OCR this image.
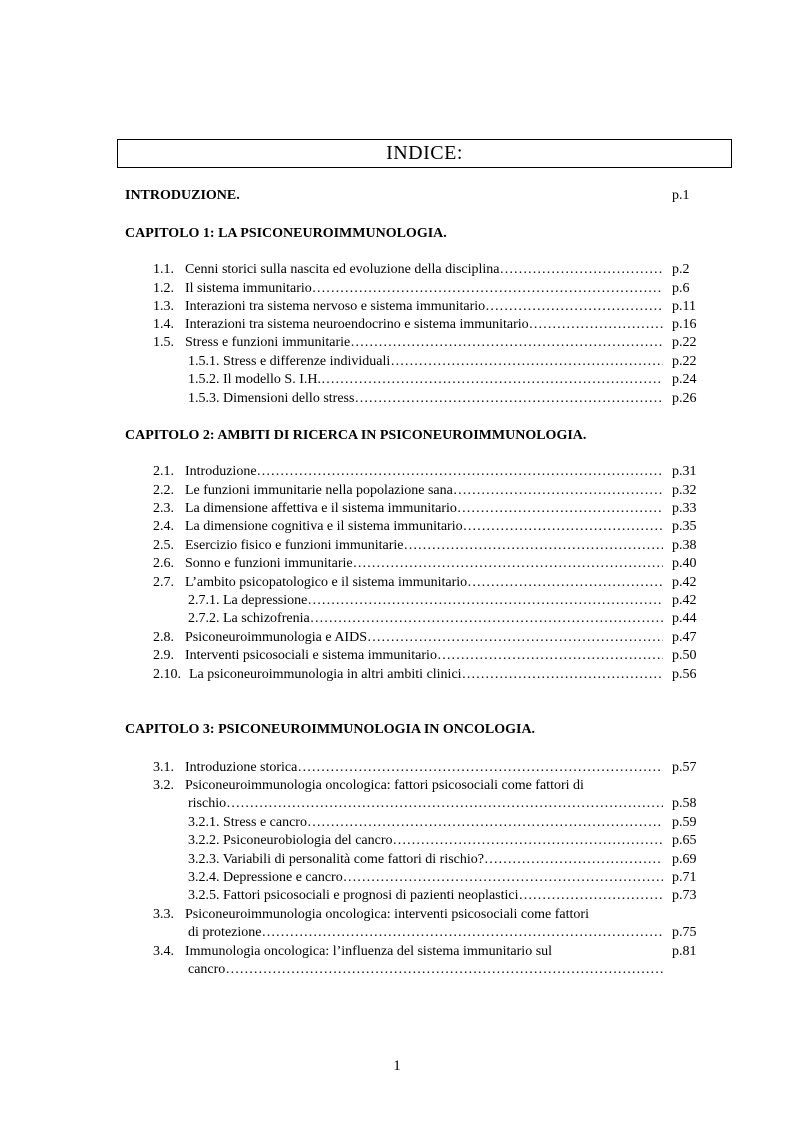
INDICE:
INTRODUZIONE.	p.1
CAPITOLO 1: LA PSICONEUROIMMUNOLOGIA.
1.1. Cenni storici sulla nascita ed evoluzione della disciplina …………………………………………………………………………………………………………………………………………………………………………………………	p.2
1.2. Il sistema immunitario …………………………………………………………………………………………………………………………………………………………………………………………	p.6
1.3. Interazioni tra sistema nervoso e sistema immunitario …………………………………………………………………………………………………………………………………………………………………………………………	p.11
1.4. Interazioni tra sistema neuroendocrino e sistema immunitario …………………………………………………………………………………………………………………………………………………………………………………………	p.16
1.5. Stress e funzioni immunitarie …………………………………………………………………………………………………………………………………………………………………………………………	p.22
1.5.1. Stress e differenze individuali …………………………………………………………………………………………………………………………………………………………………………………………	p.22
1.5.2. Il modello S. I.H. …………………………………………………………………………………………………………………………………………………………………………………………	p.24
1.5.3. Dimensioni dello stress …………………………………………………………………………………………………………………………………………………………………………………………	p.26
CAPITOLO 2: AMBITI DI RICERCA IN PSICONEUROIMMUNOLOGIA.
2.1. Introduzione …………………………………………………………………………………………………………………………………………………………………………………………	p.31
2.2. Le funzioni immunitarie nella popolazione sana …………………………………………………………………………………………………………………………………………………………………………………………	p.32
2.3. La dimensione affettiva e il sistema immunitario …………………………………………………………………………………………………………………………………………………………………………………………	p.33
2.4. La dimensione cognitiva e il sistema immunitario …………………………………………………………………………………………………………………………………………………………………………………………	p.35
2.5. Esercizio fisico e funzioni immunitarie …………………………………………………………………………………………………………………………………………………………………………………………	p.38
2.6. Sonno e funzioni immunitarie …………………………………………………………………………………………………………………………………………………………………………………………	p.40
2.7. L’ambito psicopatologico e il sistema immunitario …………………………………………………………………………………………………………………………………………………………………………………………	p.42
2.7.1. La depressione …………………………………………………………………………………………………………………………………………………………………………………………	p.42
2.7.2. La schizofrenia …………………………………………………………………………………………………………………………………………………………………………………………	p.44
2.8. Psiconeuroimmunologia e AIDS …………………………………………………………………………………………………………………………………………………………………………………………	p.47
2.9. Interventi psicosociali e sistema immunitario …………………………………………………………………………………………………………………………………………………………………………………………	p.50
2.10. La psiconeuroimmunologia in altri ambiti clinici …………………………………………………………………………………………………………………………………………………………………………………………	p.56
CAPITOLO 3: PSICONEUROIMMUNOLOGIA IN ONCOLOGIA.
3.1. Introduzione storica …………………………………………………………………………………………………………………………………………………………………………………………	p.57
3.2. Psiconeuroimmunologia oncologica: fattori psicosociali come fattori di
rischio …………………………………………………………………………………………………………………………………………………………………………………………	p.58
3.2.1. Stress e cancro …………………………………………………………………………………………………………………………………………………………………………………………	p.59
3.2.2. Psiconeurobiologia del cancro …………………………………………………………………………………………………………………………………………………………………………………………	p.65
3.2.3. Variabili di personalità come fattori di rischio? …………………………………………………………………………………………………………………………………………………………………………………………	p.69
3.2.4. Depressione e cancro …………………………………………………………………………………………………………………………………………………………………………………………	p.71
3.2.5. Fattori psicosociali e prognosi di pazienti neoplastici …………………………………………………………………………………………………………………………………………………………………………………………	p.73
3.3. Psiconeuroimmunologia oncologica: interventi psicosociali come fattori
di protezione …………………………………………………………………………………………………………………………………………………………………………………………	p.75
3.4. Immunologia oncologica: l’influenza del sistema immunitario sul	p.81
cancro
…………………………………………………………………………………………………………………………………………………………………………………………
1
